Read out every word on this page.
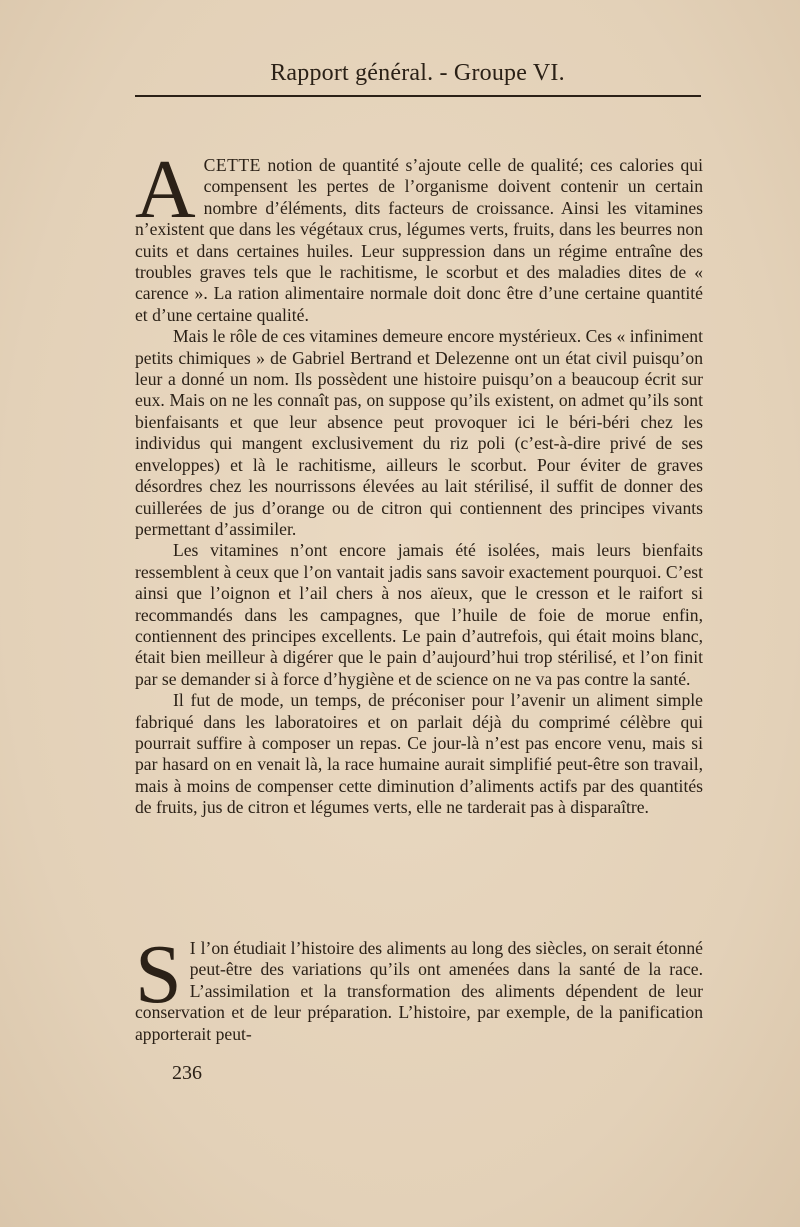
Rapport général. - Groupe VI.

ACETTE notion de quantité s’ajoute celle de qualité; ces calories qui compensent les pertes de l’organisme doivent contenir un certain nombre d’éléments, dits facteurs de croissance. Ainsi les vitamines n’existent que dans les végétaux crus, légumes verts, fruits, dans les beurres non cuits et dans certaines huiles. Leur suppression dans un régime entraîne des troubles graves tels que le rachitisme, le scorbut et des maladies dites de « carence ». La ration alimentaire normale doit donc être d’une certaine quantité et d’une certaine qualité.

Mais le rôle de ces vitamines demeure encore mystérieux. Ces « infiniment petits chimiques » de Gabriel Bertrand et Delezenne ont un état civil puisqu’on leur a donné un nom. Ils possèdent une histoire puisqu’on a beaucoup écrit sur eux. Mais on ne les connaît pas, on suppose qu’ils existent, on admet qu’ils sont bienfaisants et que leur absence peut provoquer ici le béri-béri chez les individus qui mangent exclusivement du riz poli (c’est-à-dire privé de ses enveloppes) et là le rachitisme, ailleurs le scorbut. Pour éviter de graves désordres chez les nourrissons élevées au lait stérilisé, il suffit de donner des cuillerées de jus d’orange ou de citron qui contiennent des principes vivants permettant d’assimiler.

Les vitamines n’ont encore jamais été isolées, mais leurs bienfaits ressemblent à ceux que l’on vantait jadis sans savoir exactement pourquoi. C’est ainsi que l’oignon et l’ail chers à nos aïeux, que le cresson et le raifort si recommandés dans les campagnes, que l’huile de foie de morue enfin, contiennent des principes excellents. Le pain d’autrefois, qui était moins blanc, était bien meilleur à digérer que le pain d’aujourd’hui trop stérilisé, et l’on finit par se demander si à force d’hygiène et de science on ne va pas contre la santé.

Il fut de mode, un temps, de préconiser pour l’avenir un aliment simple fabriqué dans les laboratoires et on parlait déjà du comprimé célèbre qui pourrait suffire à composer un repas. Ce jour-là n’est pas encore venu, mais si par hasard on en venait là, la race humaine aurait simplifié peut-être son travail, mais à moins de compenser cette diminution d’aliments actifs par des quantités de fruits, jus de citron et légumes verts, elle ne tarderait pas à disparaître.

S I l’on étudiait l’histoire des aliments au long des siècles, on serait étonné peut-être des variations qu’ils ont amenées dans la santé de la race. L’assimilation et la transformation des aliments dépendent de leur conservation et de leur préparation. L’histoire, par exemple, de la panification apporterait peut-

236
